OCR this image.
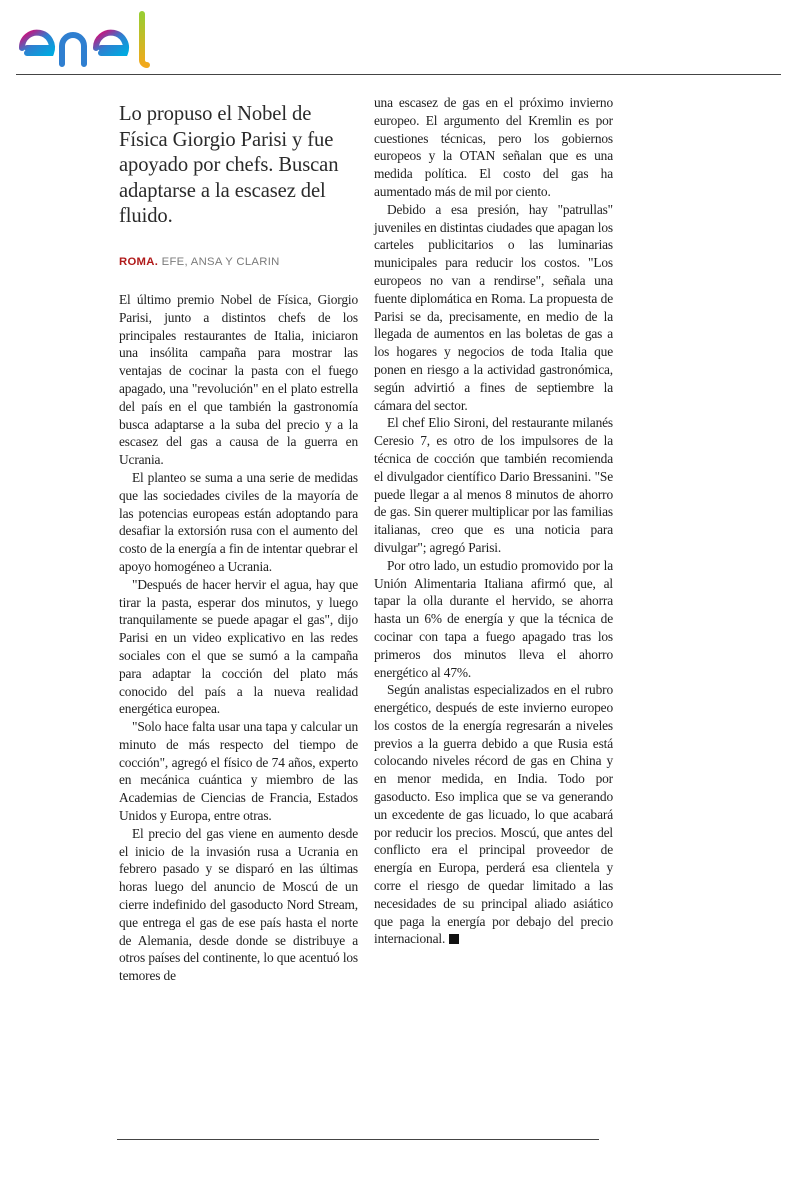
Lo propuso el Nobel de Física Giorgio Parisi y fue apoyado por chefs. Buscan adaptarse a la escasez del fluido.
ROMA. EFE, ANSA Y CLARIN

El último premio Nobel de Física, Giorgio Parisi, junto a distintos chefs de los principales restaurantes de Italia, iniciaron una insólita campaña para mostrar las ventajas de cocinar la pasta con el fuego apagado, una "revolución" en el plato estrella del país en el que también la gastronomía busca adaptarse a la suba del precio y a la escasez del gas a causa de la guerra en Ucrania.

El planteo se suma a una serie de medidas que las sociedades civiles de la mayoría de las potencias europeas están adoptando para desafiar la extorsión rusa con el aumento del costo de la energía a fin de intentar quebrar el apoyo homogéneo a Ucrania.

"Después de hacer hervir el agua, hay que tirar la pasta, esperar dos minutos, y luego tranquilamente se puede apagar el gas", dijo Parisi en un video explicativo en las redes sociales con el que se sumó a la campaña para adaptar la cocción del plato más conocido del país a la nueva realidad energética europea.

"Solo hace falta usar una tapa y calcular un minuto de más respecto del tiempo de cocción", agregó el físico de 74 años, experto en mecánica cuántica y miembro de las Academias de Ciencias de Francia, Estados Unidos y Europa, entre otras.

El precio del gas viene en aumento desde el inicio de la invasión rusa a Ucrania en febrero pasado y se disparó en las últimas horas luego del anuncio de Moscú de un cierre indefinido del gasoducto Nord Stream, que entrega el gas de ese país hasta el norte de Alemania, desde donde se distribuye a otros países del continente, lo que acentuó los temores de

una escasez de gas en el próximo invierno europeo. El argumento del Kremlin es por cuestiones técnicas, pero los gobiernos europeos y la OTAN señalan que es una medida política. El costo del gas ha aumentado más de mil por ciento.

Debido a esa presión, hay "patrullas" juveniles en distintas ciudades que apagan los carteles publicitarios o las luminarias municipales para reducir los costos. "Los europeos no van a rendirse", señala una fuente diplomática en Roma. La propuesta de Parisi se da, precisamente, en medio de la llegada de aumentos en las boletas de gas a los hogares y negocios de toda Italia que ponen en riesgo a la actividad gastronómica, según advirtió a fines de septiembre la cámara del sector.

El chef Elio Sironi, del restaurante milanés Ceresio 7, es otro de los impulsores de la técnica de cocción que también recomienda el divulgador científico Dario Bressanini. "Se puede llegar a al menos 8 minutos de ahorro de gas. Sin querer multiplicar por las familias italianas, creo que es una noticia para divulgar"; agregó Parisi.

Por otro lado, un estudio promovido por la Unión Alimentaria Italiana afirmó que, al tapar la olla durante el hervido, se ahorra hasta un 6% de energía y que la técnica de cocinar con tapa a fuego apagado tras los primeros dos minutos lleva el ahorro energético al 47%.

Según analistas especializados en el rubro energético, después de este invierno europeo los costos de la energía regresarán a niveles previos a la guerra debido a que Rusia está colocando niveles récord de gas en China y en menor medida, en India. Todo por gasoducto. Eso implica que se va generando un excedente de gas licuado, lo que acabará por reducir los precios. Moscú, que antes del conflicto era el principal proveedor de energía en Europa, perderá esa clientela y corre el riesgo de quedar limitado a las necesidades de su principal aliado asiático que paga la energía por debajo del precio internacional.
